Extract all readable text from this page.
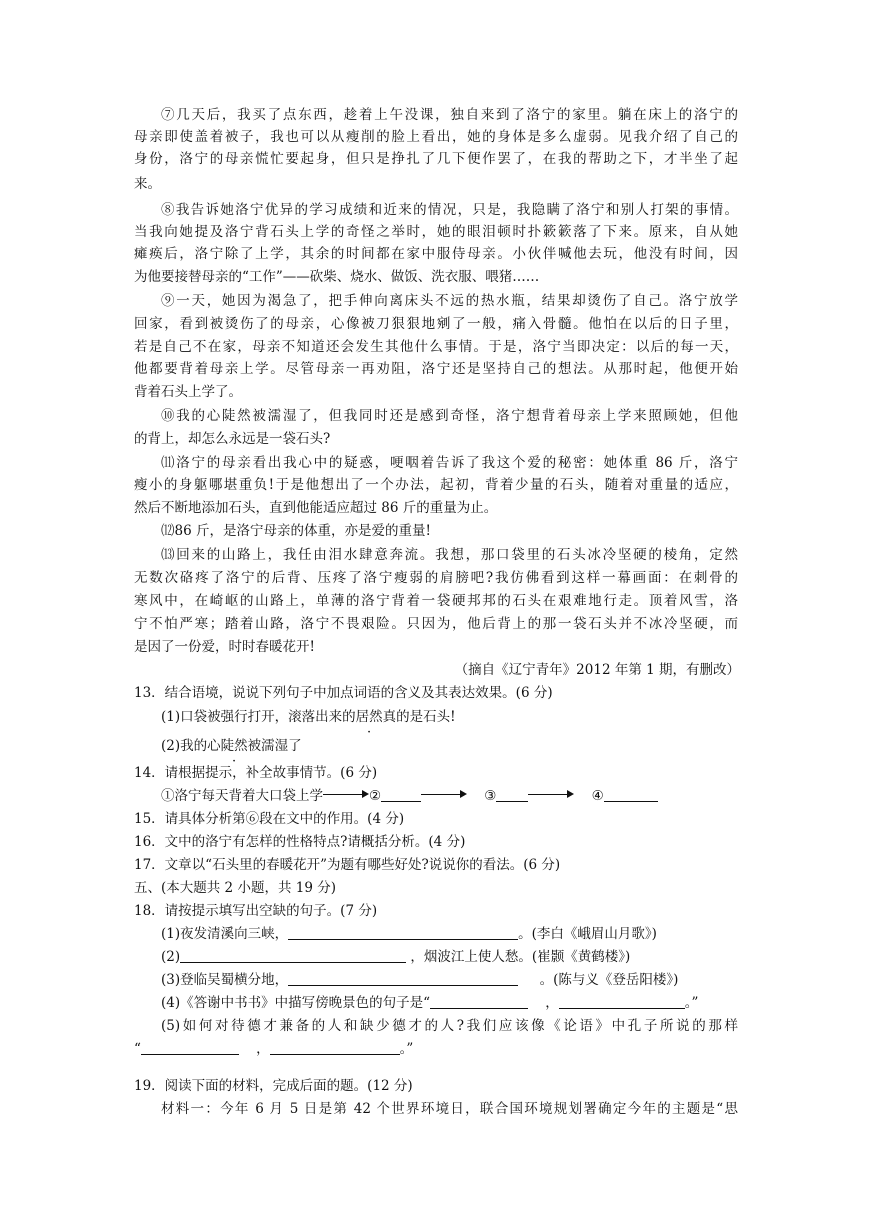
⑦几天后，我买了点东西，趁着上午没课，独自来到了洛宁的家里。躺在床上的洛宁的
母亲即使盖着被子，我也可以从瘦削的脸上看出，她的身体是多么虚弱。见我介绍了自己的
身份，洛宁的母亲慌忙要起身，但只是挣扎了几下便作罢了，在我的帮助之下，才半坐了起
来。
⑧我告诉她洛宁优异的学习成绩和近来的情况，只是，我隐瞒了洛宁和别人打架的事情。
当我向她提及洛宁背石头上学的奇怪之举时，她的眼泪顿时扑簌簌落了下来。原来，自从她
瘫痪后，洛宁除了上学，其余的时间都在家中服侍母亲。小伙伴喊他去玩，他没有时间，因
为他要接替母亲的“工作”——砍柴、烧水、做饭、洗衣服、喂猪……
⑨一天，她因为渴急了，把手伸向离床头不远的热水瓶，结果却烫伤了自己。洛宁放学
回家，看到被烫伤了的母亲，心像被刀狠狠地剜了一般，痛入骨髓。他怕在以后的日子里，
若是自己不在家，母亲不知道还会发生其他什么事情。于是，洛宁当即决定：以后的每一天，
他都要背着母亲上学。尽管母亲一再劝阻，洛宁还是坚持自己的想法。从那时起，他便开始
背着石头上学了。
⑩我的心陡然被濡湿了，但我同时还是感到奇怪，洛宁想背着母亲上学来照顾她，但他
的背上，却怎么永远是一袋石头?
⑾洛宁的母亲看出我心中的疑惑，哽咽着告诉了我这个爱的秘密：她体重 86 斤，洛宁
瘦小的身躯哪堪重负!于是他想出了一个办法，起初，背着少量的石头，随着对重量的适应，
然后不断地添加石头，直到他能适应超过 86 斤的重量为止。
⑿86 斤，是洛宁母亲的体重，亦是爱的重量!
⒀回来的山路上，我任由泪水肆意奔流。我想，那口袋里的石头冰冷坚硬的棱角，定然
无数次硌疼了洛宁的后背、压疼了洛宁瘦弱的肩膀吧?我仿佛看到这样一幕画面：在刺骨的
寒风中，在崎岖的山路上，单薄的洛宁背着一袋硬邦邦的石头在艰难地行走。顶着风雪，洛
宁不怕严寒；踏着山路，洛宁不畏艰险。只因为，他后背上的那一袋石头并不冰冷坚硬，而
是因了一份爱，时时春暖花开!
（摘自《辽宁青年》2012 年第 1 期，有删改）
13．结合语境，说说下列句子中加点词语的含义及其表达效果。(6 分)
(1)口袋被强行打开，滚落出来的居然真的是石头!
(2)我的心陡然被濡湿了
14．请根据提示，补全故事情节。(6 分)
①洛宁每天背着大口袋上学	②	③	④
15．请具体分析第⑥段在文中的作用。(4 分)
16．文中的洛宁有怎样的性格特点?请概括分析。(4 分)
17．文章以“石头里的春暖花开”为题有哪些好处?说说你的看法。(6 分)
五、(本大题共 2 小题，共 19 分)
18．请按提示填写出空缺的句子。(7 分)
(1)夜发清溪向三峡，	。(李白《峨眉山月歌》)
(2)	，烟波江上使人愁。(崔颢《黄鹤楼》)
(3)登临吴蜀横分地，	。(陈与义《登岳阳楼》)
(4)《答谢中书书》中描写傍晚景色的句子是“	，	。”
(5)如何对待德才兼备的人和缺少德才的人?我们应该像《论语》中孔子所说的那样
“	，	。”
19．阅读下面的材料，完成后面的题。(12 分)
材料一：今年 6 月 5 日是第 42 个世界环境日，联合国环境规划署确定今年的主题是“思
